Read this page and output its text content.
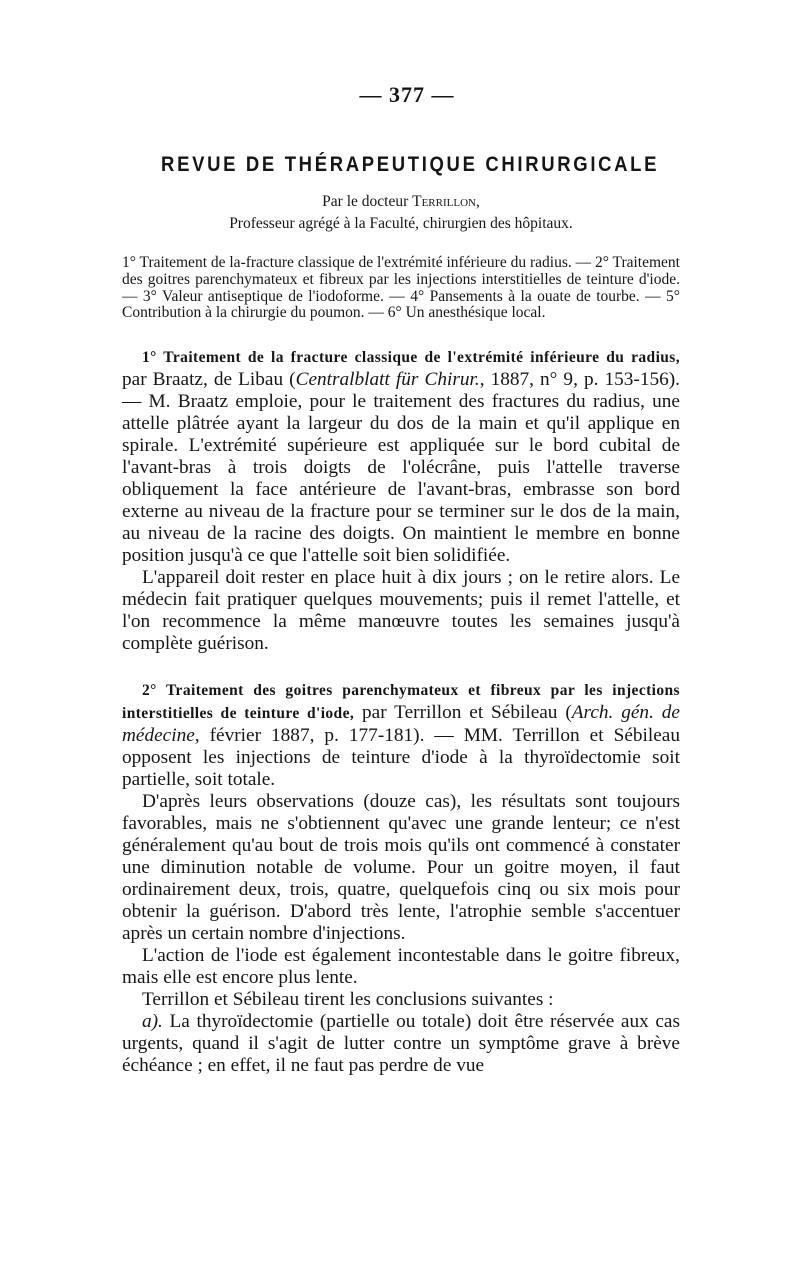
— 377 —
REVUE DE THÉRAPEUTIQUE CHIRURGICALE

Par le docteur Terrillon,

Professeur agrégé à la Faculté, chirurgien des hôpitaux.

1° Traitement de la-fracture classique de l'extrémité inférieure du radius. — 2° Traitement des goitres parenchymateux et fibreux par les injections interstitielles de teinture d'iode. — 3° Valeur antiseptique de l'iodoforme. — 4° Pansements à la ouate de tourbe. — 5° Contribution à la chirurgie du poumon. — 6° Un anesthésique local.

1° Traitement de la fracture classique de l'extrémité inférieure du radius, par Braatz, de Libau (Centralblatt für Chirur., 1887, n° 9, p. 153-156). — M. Braatz emploie, pour le traitement des fractures du radius, une attelle plâtrée ayant la largeur du dos de la main et qu'il applique en spirale. L'extrémité supérieure est appliquée sur le bord cubital de l'avant-bras à trois doigts de l'olécrâne, puis l'attelle traverse obliquement la face antérieure de l'avant-bras, embrasse son bord externe au niveau de la fracture pour se terminer sur le dos de la main, au niveau de la racine des doigts. On maintient le membre en bonne position jusqu'à ce que l'attelle soit bien solidifiée.

L'appareil doit rester en place huit à dix jours ; on le retire alors. Le médecin fait pratiquer quelques mouvements; puis il remet l'attelle, et l'on recommence la même manœuvre toutes les semaines jusqu'à complète guérison.

2° Traitement des goitres parenchymateux et fibreux par les injections interstitielles de teinture d'iode, par Terrillon et Sébileau (Arch. gén. de médecine, février 1887, p. 177-181). — MM. Terrillon et Sébileau opposent les injections de teinture d'iode à la thyroïdectomie soit partielle, soit totale.

D'après leurs observations (douze cas), les résultats sont toujours favorables, mais ne s'obtiennent qu'avec une grande lenteur; ce n'est généralement qu'au bout de trois mois qu'ils ont commencé à constater une diminution notable de volume. Pour un goitre moyen, il faut ordinairement deux, trois, quatre, quelquefois cinq ou six mois pour obtenir la guérison. D'abord très lente, l'atrophie semble s'accentuer après un certain nombre d'injections.

L'action de l'iode est également incontestable dans le goitre fibreux, mais elle est encore plus lente.

Terrillon et Sébileau tirent les conclusions suivantes :

a). La thyroïdectomie (partielle ou totale) doit être réservée aux cas urgents, quand il s'agit de lutter contre un symptôme grave à brève échéance ; en effet, il ne faut pas perdre de vue
